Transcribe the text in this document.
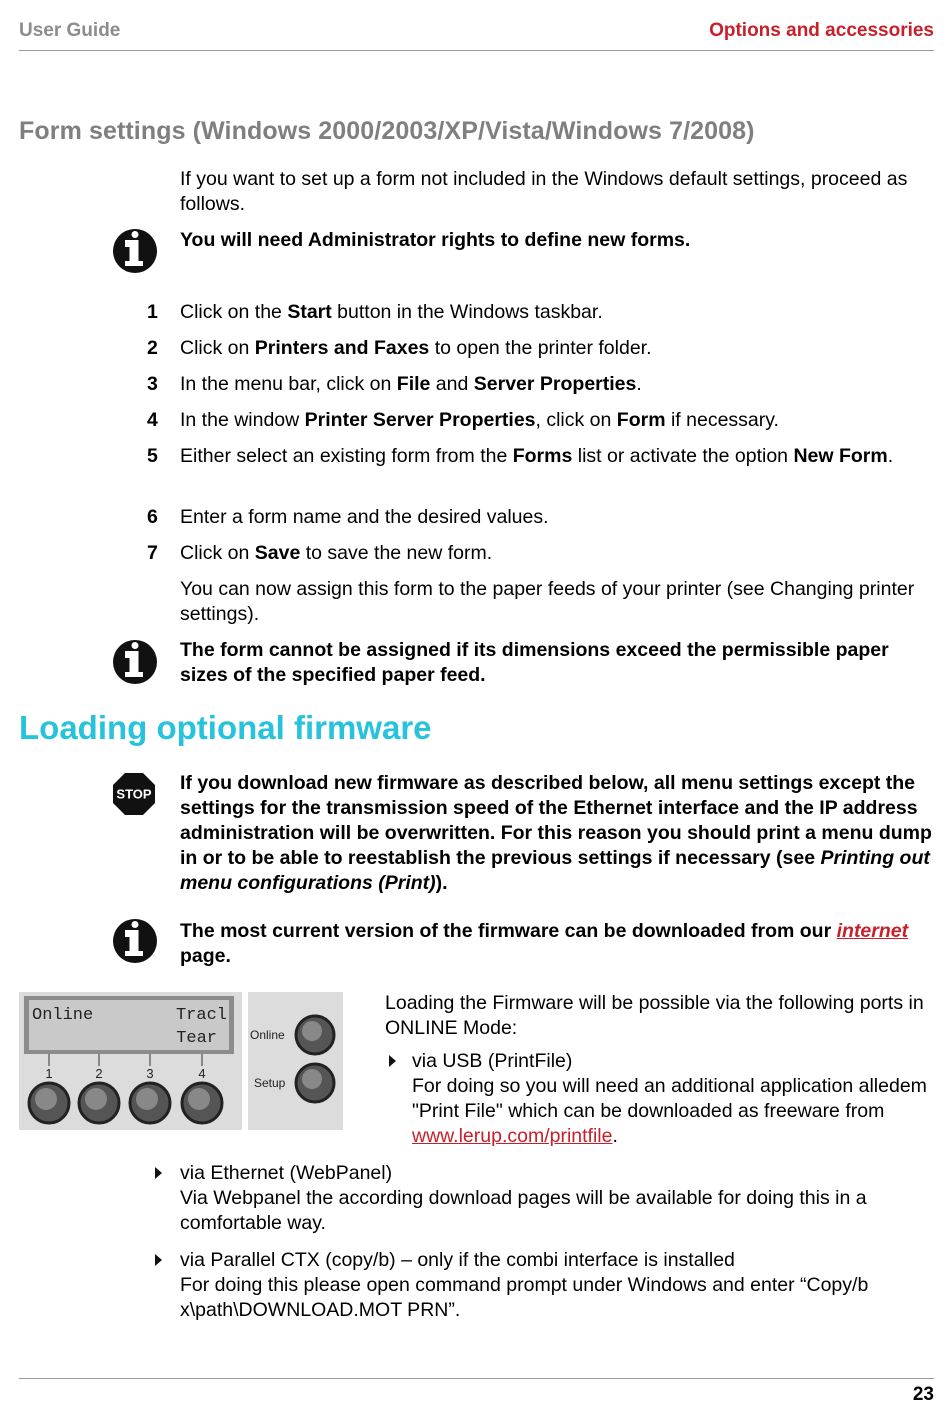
User Guide	Options and accessories
Form settings (Windows 2000/2003/XP/Vista/Windows 7/2008)
If you want to set up a form not included in the Windows default settings, proceed as follows.
You will need Administrator rights to define new forms.
1 Click on the Start button in the Windows taskbar.
2 Click on Printers and Faxes to open the printer folder.
3 In the menu bar, click on File and Server Properties.
4 In the window Printer Server Properties, click on Form if necessary.
5 Either select an existing form from the Forms list or activate the option New Form.
6 Enter a form name and the desired values.
7 Click on Save to save the new form.
You can now assign this form to the paper feeds of your printer (see Changing printer settings).
The form cannot be assigned if its dimensions exceed the permissible paper sizes of the specified paper feed.
Loading optional firmware
STOP If you download new firmware as described below, all menu settings except the settings for the transmission speed of the Ethernet interface and the IP address administration will be overwritten. For this reason you should print a menu dump in or to be able to reestablish the previous settings if necessary (see Printing out menu configurations (Print)).
The most current version of the firmware can be downloaded from our internet page.
Online	Tracl
Tear
1	2	3	4
Online
Setup
Loading the Firmware will be possible via the following ports in ONLINE Mode:
via USB (PrintFile)
For doing so you will need an additional application alledem "Print File" which can be downloaded as freeware from www.lerup.com/printfile.
via Ethernet (WebPanel)
Via Webpanel the according download pages will be available for doing this in a comfortable way.
via Parallel CTX (copy/b) – only if the combi interface is installed
For doing this please open command prompt under Windows and enter “Copy/b x\path\DOWNLOAD.MOT PRN”.
23
